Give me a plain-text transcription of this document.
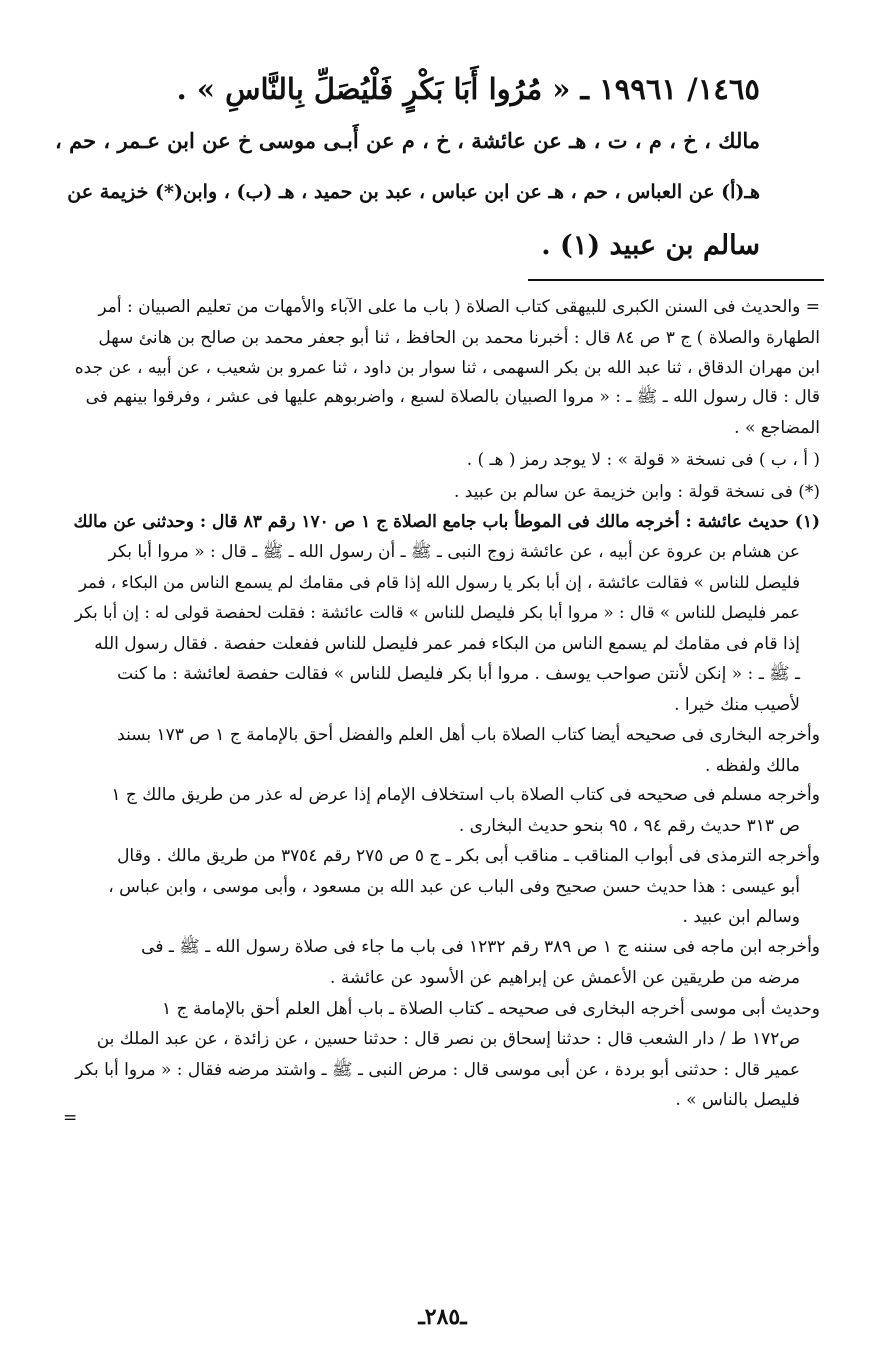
١٤٦٥/ ١٩٩٦١ ـ « مُرُوا أَبَا بَكْرٍ فَلْيُصَلِّ بِالنَّاسِ » .
مالك ، خ ، م ، ت ، هـ عن عائشة ، خ ، م عن أَبـى موسى خ عن ابن عـمر ، حم ،
هـ(أ) عن العباس ، حم ، هـ عن ابن عباس ، عبد بن حميد ، هـ (ب) ، وابن(*) خزيمة عن
سالم بن عبيد (١) .
= والحديث فى السنن الكبرى للبيهقى كتاب الصلاة ( باب ما على الآباء والأمهات من تعليم الصبيان : أمر
الطهارة والصلاة ) ج ٣ ص ٨٤ قال : أخبرنا محمد بن الحافظ ، ثنا أبو جعفر محمد بن صالح بن هانئ سهل
ابن مهران الدقاق ، ثنا عبد الله بن بكر السهمى ، ثنا سوار بن داود ، ثنا عمرو بن شعيب ، عن أبيه ، عن جده
قال : قال رسول الله ـ ﷺ ـ : « مروا الصبيان بالصلاة لسبع ، واضربوهم عليها فى عشر ، وفرقوا بينهم فى
المضاجع » .
( أ ، ب ) فى نسخة « قولة » : لا يوجد رمز ( هـ ) .
(*) فى نسخة قولة : وابن خزيمة عن سالم بن عبيد .
(١) حديث عائشة : أخرجه مالك فى الموطأ باب جامع الصلاة ج ١ ص ١٧٠ رقم ٨٣ قال : وحدثنى عن مالك
عن هشام بن عروة عن أبيه ، عن عائشة زوج النبى ـ ﷺ ـ أن رسول الله ـ ﷺ ـ قال : « مروا أبا بكر
فليصل للناس » فقالت عائشة ، إن أبا بكر يا رسول الله إذا قام فى مقامك لم يسمع الناس من البكاء ، فمر
عمر فليصل للناس » قال : « مروا أبا بكر فليصل للناس » قالت عائشة : فقلت لحفصة قولى له : إن أبا بكر
إذا قام فى مقامك لم يسمع الناس من البكاء فمر عمر فليصل للناس ففعلت حفصة . فقال رسول الله
ـ ﷺ ـ : « إنكن لأنتن صواحب يوسف . مروا أبا بكر فليصل للناس » فقالت حفصة لعائشة : ما كنت
لأصيب منك خيرا .
وأخرجه البخارى فى صحيحه أيضا كتاب الصلاة باب أهل العلم والفضل أحق بالإمامة ج ١ ص ١٧٣ بسند
مالك ولفظه .
وأخرجه مسلم فى صحيحه فى كتاب الصلاة باب استخلاف الإمام إذا عرض له عذر من طريق مالك ج ١
ص ٣١٣ حديث رقم ٩٤ ، ٩٥ بنحو حديث البخارى .
وأخرجه الترمذى فى أبواب المناقب ـ مناقب أبى بكر ـ ج ٥ ص ٢٧٥ رقم ٣٧٥٤ من طريق مالك . وقال
أبو عيسى : هذا حديث حسن صحيح وفى الباب عن عبد الله بن مسعود ، وأبى موسى ، وابن عباس ،
وسالم ابن عبيد .
وأخرجه ابن ماجه فى سننه ج ١ ص ٣٨٩ رقم ١٢٣٢ فى باب ما جاء فى صلاة رسول الله ـ ﷺ ـ فى
مرضه من طريقين عن الأعمش عن إبراهيم عن الأسود عن عائشة .
وحديث أبى موسى أخرجه البخارى فى صحيحه ـ كتاب الصلاة ـ باب أهل العلم أحق بالإمامة ج ١
ص١٧٢ ط / دار الشعب قال : حدثنا إسحاق بن نصر قال : حدثنا حسين ، عن زائدة ، عن عبد الملك بن
عمير قال : حدثنى أبو بردة ، عن أبى موسى قال : مرض النبى ـ ﷺ ـ واشتد مرضه فقال : « مروا أبا بكر
فليصل بالناس » .
=
ـ٢٨٥ـ
